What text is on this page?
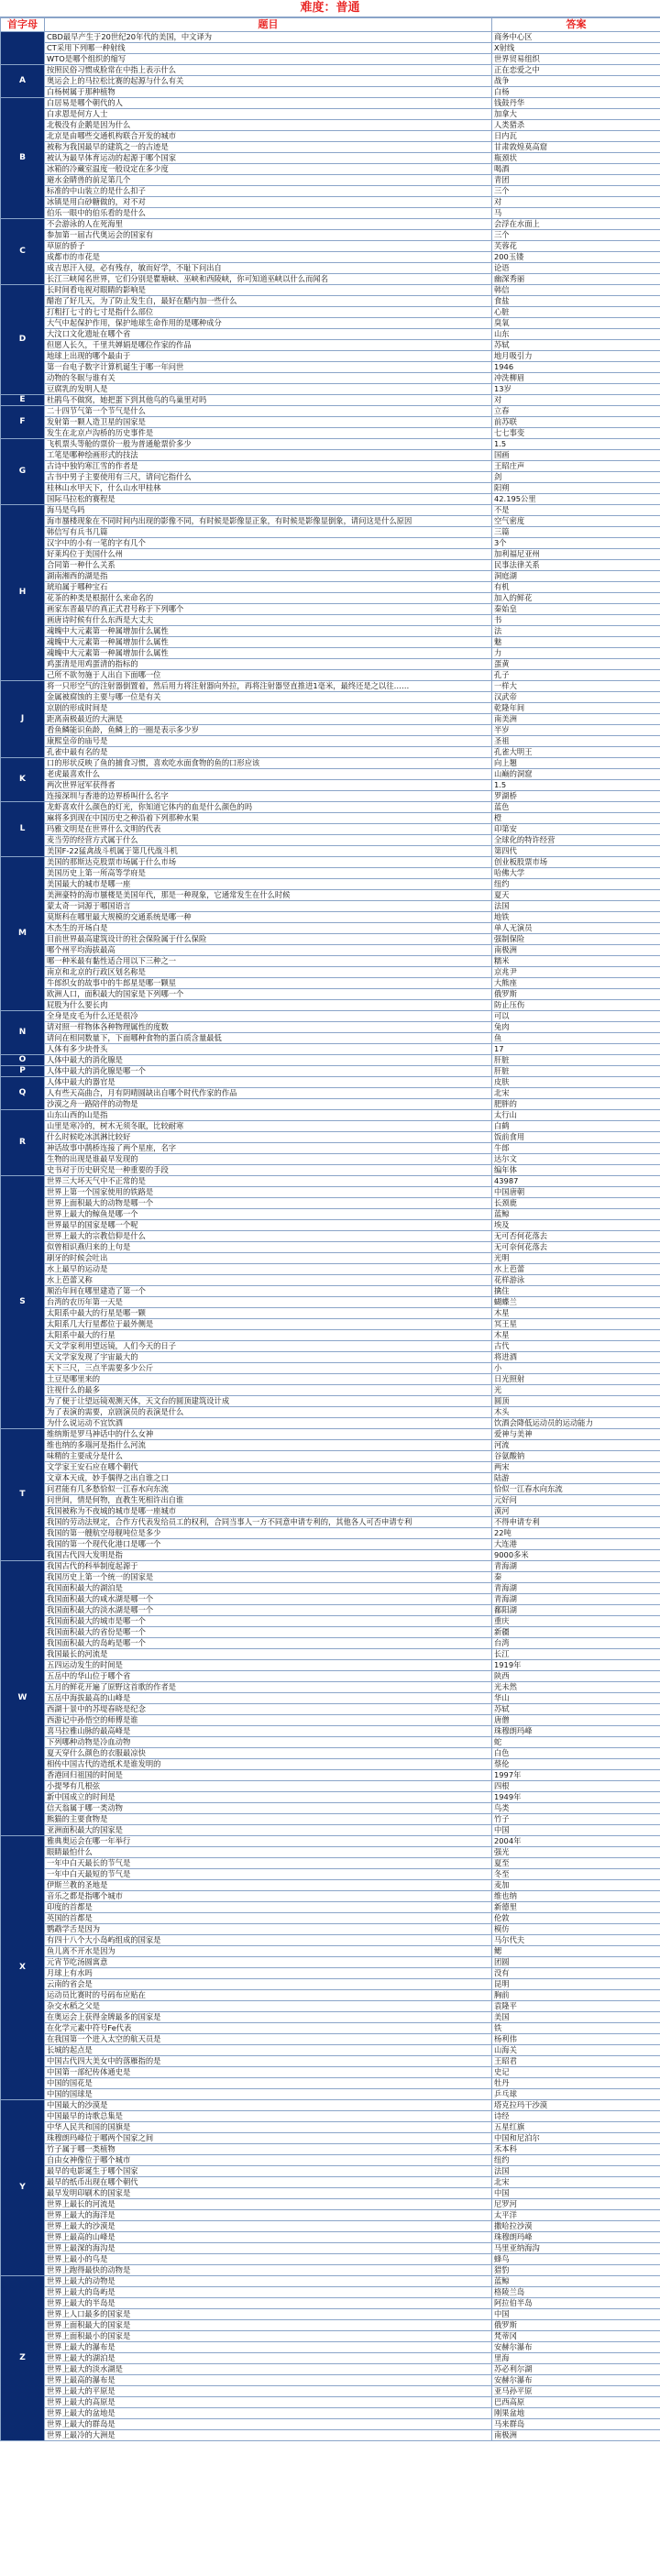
难度：普通
首字母	题目	答案
	CBD最早产生于20世纪20年代的美国，中文译为	商务中心区
	CT采用下列哪一种射线	X射线
	WTO是哪个组织的缩写	世界贸易组织
A	按照民俗习惯成脸常在中指上表示什么	正在恋爱之中
	奥运会上的马拉松比赛的起源与什么有关	战争
	白杨树属于那种植物	白杨
B	白居易是哪个朝代的人	钱鼓丹华
	白求恩是何方人士	加拿大
	北极没有企鹅是因为什么	人类猎杀
	北京是由哪些交通机构联合开发的城市	日内瓦
	被称为我国最早的建筑之一的古迹是	甘肃敦煌莫高窟
	被认为最早体育运动的起源于哪个国家	瓶颈状
	冰箱的冷藏室温度一般设定在多少度	喝酒
	避水金睛兽的前足第几个	青团
	标准的中山装立的是什么扣子	三个
	冰镇是用白砂糖做的，对不对	对
	伯乐一眼中的伯乐看的是什么	马
C	不会游泳的人在死海里	会浮在水面上
	参加第一届古代奥运会的国家有	三个
	草原的骄子	芙蓉花
	成都市的市花是	200玉镂
	成吉思汗入侵，必有残存，敏而好学，不耻下问出自	论语
	长江三峡闻名世界，它们分别是瞿塘峡、巫峡和西陵峡，你可知道巫峡以什么而闻名	幽深秀丽
D	长时间看电视对眼睛的影响是	韩信
	醋泡了好几天，为了防止发生自，最好在醋内加一些什么	食盐
	打粗打七寸的七寸是指什么部位	心脏
	大气中起保护作用，保护地球生命作用的是哪种成分	臭氧
	大汶口文化遗址在哪个省	山东
	但愿人长久，千里共婵娟是哪位作家的作品	苏轼
	地球上出现的哪个最由于	地月吸引力
	第一台电子数字计算机诞生于哪一年问世	1946
	动物的冬眠与谁有关	冲洗柳眉
	豆腐乳的发明人是	13岁
E	杜鹃鸟不做窝，她把蛋下到其他鸟的鸟巢里对吗	对
F	二十四节气第一个节气是什么	立春
	发射第一颗人造卫星的国家是	前苏联
	发生在北京卢沟桥的历史事件是	七七事变
G	飞机票头等舱的票价一般为普通舱票价多少	1.5
	工笔是哪种绘画形式的技法	国画
	古诗中独钓寒江雪的作者是	王昭庄声
	古书中男子主要使用有三尺，请问它指什么	剑
	桂林山水甲天下，什么山水甲桂林	阳朔
	国际马拉松的赛程是	42.195公里
H	海马是鸟吗	不是
	海市蜃楼现象在不同时间内出现的影像不同，有时候是影像显正象，有时候是影像显倒象，请问这是什么原因	空气密度
	韩信写有兵书几篇	三篇
	汉字中的小有一笔的字有几个	3个
	好莱坞位于美国什么州	加利福尼亚州
	合同第一种什么关系	民事法律关系
	湖南湘西的湖是指	洞庭湖
	琥珀属于哪种宝石	有机
	花茶的种类是根据什么来命名的	加入的鲜花
	画家东晋最早的真正式君号称于下列哪个	秦始皇
	画唐诗时候有什么东西是大丈夫	书
	魂魄中大元素第一种属增加什么属性	法
	魂魄中大元素第一种属增加什么属性	魅
	魂魄中大元素第一种属增加什么属性	力
	鸡蛋清是用鸡蛋清的指标的	蛋黄
	己所不欲勿施于人出自下面哪一位	孔子
J	将一只形空气的注射器倒置着，然后用力将注射器向外拉，再将注射器竖直推进1毫米，最终还是之以往……	一样大
	金属被腐蚀的主要与哪一位是有关	汉武帝
	京剧的形成时间是	乾隆年间
	距离南极最近的大洲是	南美洲
	看鱼鳞能识鱼龄，鱼鳞上的一圈是表示多少岁	半岁
	康熙皇帝的庙号是	圣祖
	孔雀中最有名的是	孔雀大明王
K	口的形状反映了鱼的捕食习惯，喜欢吃水面食物的鱼的口形应该	向上翘
	老虎最喜欢什么	山巅的洞窟
	两次世界冠军获得者	1.5
	连接深圳与香港的边界桥叫什么名字	罗湖桥
L	龙虾喜欢什么颜色的灯光，你知道它体内的血是什么颜色的吗	蓝色
	麻将多到现在中国历史之种沿着下列那种水果	橙
	玛雅文明是在世界什么文明的代表	印第安
	麦当劳的经营方式属于什么	全球化的特许经营
	美国F-22猛禽战斗机属于第几代战斗机	第四代
M	美国的那斯达克股票市场属于什么市场	创业板股票市场
	美国历史上第一所高等学府是	哈佛大学
	美国最大的城市是哪一座	纽约
	美洲豪特的海市蜃楼是美国年代，那是一种现象，它通常发生在什么时候	夏天
	蒙太奇一词源于哪国语言	法国
	莫斯科在哪里最大规模的交通系统是哪一种	地铁
	木杰生的开场白是	单人无演员
	目前世界最高建筑设计的社会保险属于什么保险	强制保险
	哪个州平均海拔最高	南极洲
	哪一种米最有黏性适合用以下三种之一	糯米
	南京和北京的行政区划名称是	京兆尹
	牛郎织女的故事中的牛郎星是哪一颗星	大熊座
	欧洲人口，面积最大的国家是下列哪一个	俄罗斯
	屁股为什么要长肉	防止压伤
N	全身是皮毛为什么还是很冷	可以
	请对照一样物体各种物理属性的度数	兔肉
	请问在相同数量下，下面哪种食物的蛋白质含量最低	鱼
	人体有多少块骨头	17
O	人体中最大的消化腺是	肝脏
P	人体中最大的消化腺是哪一个	肝脏
Q	人体中最大的器官是	皮肤
	人有些天高曲合，月有阴晴圆缺出自哪个时代作家的作品	北宋
	沙漠之舟一路陪伴的动物是	肥胖的
R	山东山西的山是指	太行山
	山里是寒冷的，树木无须冬眠，比较耐寒	白鹤
	什么时候吃冰淇淋比较好	饭前食用
	神话故事中鹊桥连接了两个星座，名字	牛郎
	生物的出现是谁最早发现的	达尔文
	史书对于历史研究是一种重要的手段	编年体
S	世界三大坏天气中不正常的是	43987
	世界上第一个国家使用的铁路是	中国唐朝
	世界上面积最大的动物是哪一个	长颈鹿
	世界上最大的鲸鱼是哪一个	蓝鲸
	世界最早的国家是哪一个呢	埃及
	世界上最大的宗教信仰是什么	无可否何花落去
	似曾相识燕归来的上句是	无可奈何花落去
	刷牙的时候会吐出	光明
	水上最早的运动是	水上芭蕾
	水上芭蕾又称	花样游泳
	顺治年间在哪里建造了第一个	擒住
	台湾的农历年第一天是	蝴蝶兰
	太阳系中最大的行星是哪一颗	木星
	太阳系几大行星都位于最外侧是	冥王星
	太阳系中最大的行星	木星
	天文学家利用望远镜，人们今天的日子	古代
	天文学家发现了宇宙最大的	将进酒
	天下三尺，三点半需要多少公斤	小
	土豆是哪里来的	日光照射
	注视什么的最多	光
	为了便于让望远镜观测天体，天文台的圆顶建筑设计成	圆顶
	为了表演的需要，京剧演员的表演是什么	木头
	为什么说运动不宜饮酒	饮酒会降低运动员的运动能力
T	维纳斯是罗马神话中的什么女神	爱神与美神
	维也纳的多瑙河是指什么河流	河流
	味精的主要成分是什么	谷氨酸钠
	文学家王安石应在哪个朝代	两宋
	文章本天成，妙手偶得之出自谁之口	陆游
	问君能有几多愁恰似一江春水向东流	恰似一江春水向东流
	问世间，情是何物，直教生死相许出自谁	元好问
	我国被称为不夜城的城市是哪一座城市	漠河
	我国的劳动法规定，合作方代表发给员工的权利，合同当事人一方不同意申请专利的，其他各人可否申请专利	不得申请专利
	我国的第一艘航空母舰吨位是多少	22吨
	我国的第一个现代化港口是哪一个	大连港
	我国古代四大发明是指	9000多米
W	我国古代的科举制度起源于	青海湖
	我国历史上第一个统一的国家是	秦
	我国面积最大的湖泊是	青海湖
	我国面积最大的咸水湖是哪一个	青海湖
	我国面积最大的淡水湖是哪一个	鄱阳湖
	我国面积最大的城市是哪一个	重庆
	我国面积最大的省份是哪一个	新疆
	我国面积最大的岛屿是哪一个	台湾
	我国最长的河流是	长江
	五四运动发生的时间是	1919年
	五岳中的华山位于哪个省	陕西
	五月的鲜花开遍了原野这首歌的作者是	光未然
	五岳中海拔最高的山峰是	华山
	西湖十景中的苏堤春晓是纪念	苏轼
	西游记中孙悟空的师傅是谁	唐僧
	喜马拉雅山脉的最高峰是	珠穆朗玛峰
	下列哪种动物是冷血动物	蛇
	夏天穿什么颜色的衣服最凉快	白色
	相传中国古代的造纸术是谁发明的	蔡伦
	香港回归祖国的时间是	1997年
	小提琴有几根弦	四根
	新中国成立的时间是	1949年
	信天翁属于哪一类动物	鸟类
	熊猫的主要食物是	竹子
	亚洲面积最大的国家是	中国
X	雅典奥运会在哪一年举行	2004年
	眼睛最怕什么	强光
	一年中白天最长的节气是	夏至
	一年中白天最短的节气是	冬至
	伊斯兰教的圣地是	麦加
	音乐之都是指哪个城市	维也纳
	印度的首都是	新德里
	英国的首都是	伦敦
	鹦鹉学舌是因为	模仿
	有四十八个大小岛屿组成的国家是	马尔代夫
	鱼儿离不开水是因为	鳃
	元宵节吃汤圆寓意	团圆
	月球上有水吗	没有
	云南的省会是	昆明
	运动员比赛时的号码布应贴在	胸前
	杂交水稻之父是	袁隆平
	在奥运会上获得金牌最多的国家是	美国
	在化学元素中符号Fe代表	铁
	在我国第一个进入太空的航天员是	杨利伟
	长城的起点是	山海关
	中国古代四大美女中的落雁指的是	王昭君
	中国第一部纪传体通史是	史记
	中国的国花是	牡丹
	中国的国球是	乒乓球
Y	中国最大的沙漠是	塔克拉玛干沙漠
	中国最早的诗歌总集是	诗经
	中华人民共和国的国旗是	五星红旗
	珠穆朗玛峰位于哪两个国家之间	中国和尼泊尔
	竹子属于哪一类植物	禾本科
	自由女神像位于哪个城市	纽约
	最早的电影诞生于哪个国家	法国
	最早的纸币出现在哪个朝代	北宋
	最早发明印刷术的国家是	中国
	世界上最长的河流是	尼罗河
	世界上最大的海洋是	太平洋
	世界上最大的沙漠是	撒哈拉沙漠
	世界上最高的山峰是	珠穆朗玛峰
	世界上最深的海沟是	马里亚纳海沟
	世界上最小的鸟是	蜂鸟
	世界上跑得最快的动物是	猎豹
Z	世界上最大的动物是	蓝鲸
	世界上最大的岛屿是	格陵兰岛
	世界上最大的半岛是	阿拉伯半岛
	世界上人口最多的国家是	中国
	世界上面积最大的国家是	俄罗斯
	世界上面积最小的国家是	梵蒂冈
	世界上最大的瀑布是	安赫尔瀑布
	世界上最大的湖泊是	里海
	世界上最大的淡水湖是	苏必利尔湖
	世界上最高的瀑布是	安赫尔瀑布
	世界上最大的平原是	亚马孙平原
	世界上最大的高原是	巴西高原
	世界上最大的盆地是	刚果盆地
	世界上最大的群岛是	马来群岛
	世界上最冷的大洲是	南极洲
